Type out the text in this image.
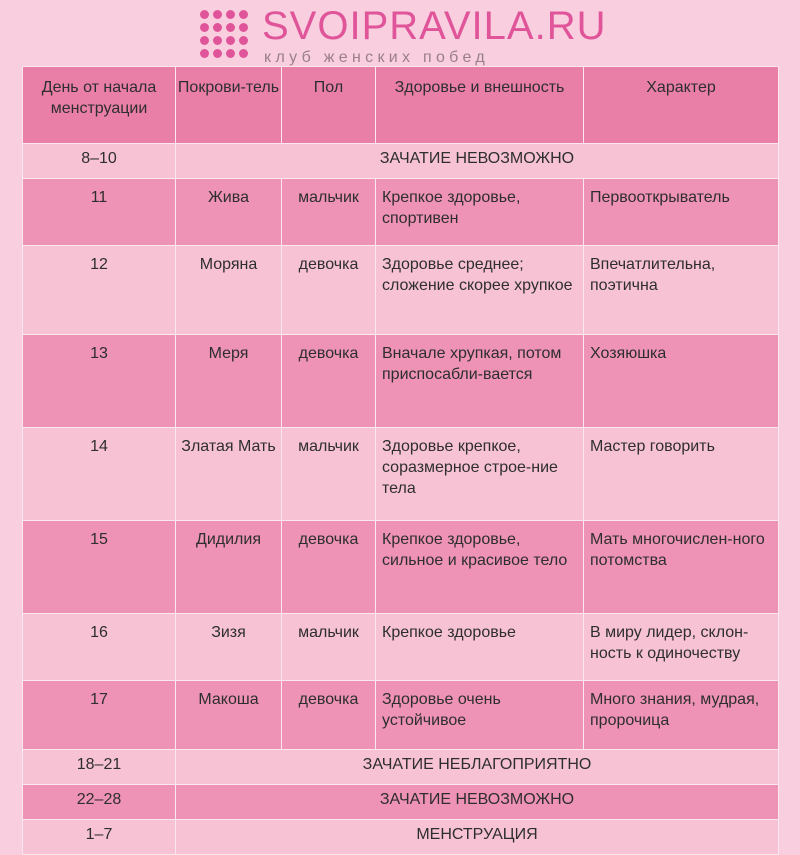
SVOIPRAVILA.RU
клуб женских побед
День от начала менструации	Покрови-тель	Пол	Здоровье и внешность	Характер
8–10	ЗАЧАТИЕ НЕВОЗМОЖНО			
11	Жива	мальчик	Крепкое здоровье, спортивен	Первооткрыватель
12	Моряна	девочка	Здоровье среднее; сложение скорее хрупкое	Впечатлительна, поэтична
13	Меря	девочка	Вначале хрупкая, потом приспосабли-вается	Хозяюшка
14	Златая Мать	мальчик	Здоровье крепкое, соразмерное строе-ние тела	Мастер говорить
15	Дидилия	девочка	Крепкое здоровье, сильное и красивое тело	Мать многочислен-ного потомства
16	Зизя	мальчик	Крепкое здоровье	В миру лидер, склон-ность к одиночеству
17	Макоша	девочка	Здоровье очень устойчивое	Много знания, мудрая, пророчица
18–21	ЗАЧАТИЕ НЕБЛАГОПРИЯТНО			
22–28	ЗАЧАТИЕ НЕВОЗМОЖНО			
1–7	МЕНСТРУАЦИЯ			
